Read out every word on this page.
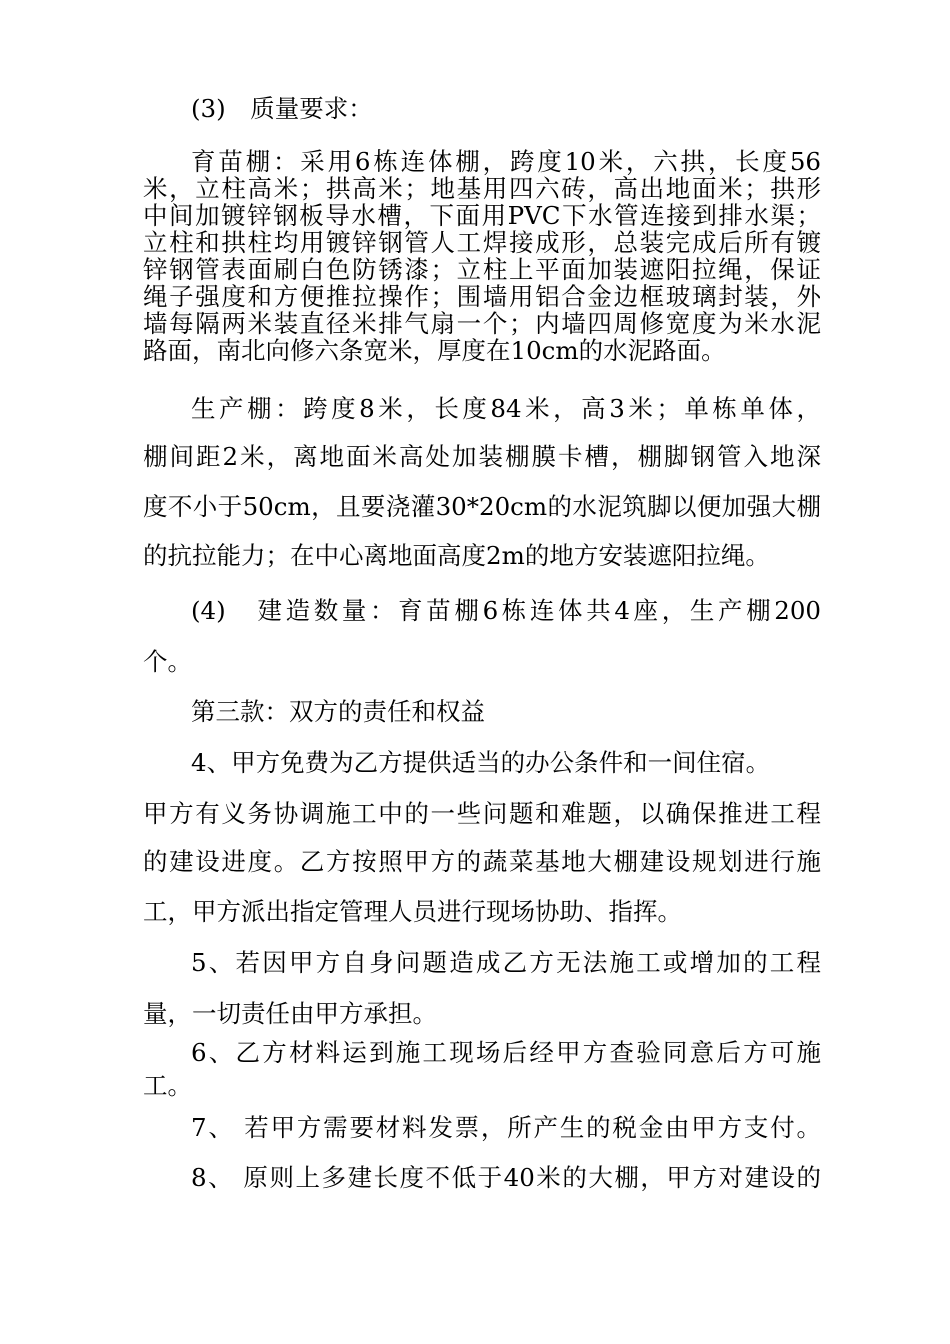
(3)　质量要求：

育苗棚：采用6栋连体棚，跨度10米，六拱，长度56

米，立柱高米；拱高米；地基用四六砖，高出地面米；拱形

中间加镀锌钢板导水槽，下面用PVC下水管连接到排水渠；

立柱和拱柱均用镀锌钢管人工焊接成形，总装完成后所有镀

锌钢管表面刷白色防锈漆；立柱上平面加装遮阳拉绳，保证

绳子强度和方便推拉操作；围墙用铝合金边框玻璃封装，外

墙每隔两米装直径米排气扇一个；内墙四周修宽度为米水泥

路面，南北向修六条宽米，厚度在10cm的水泥路面。

生产棚：跨度8米，长度84米，高3米；单栋单体，

棚间距2米，离地面米高处加装棚膜卡槽，棚脚钢管入地深

度不小于50cm，且要浇灌30*20cm的水泥筑脚以便加强大棚

的抗拉能力；在中心离地面高度2m的地方安装遮阳拉绳。

(4)　建造数量：育苗棚6栋连体共4座，生产棚200

个。

第三款：双方的责任和权益

4、甲方免费为乙方提供适当的办公条件和一间住宿。

甲方有义务协调施工中的一些问题和难题，以确保推进工程

的建设进度。乙方按照甲方的蔬菜基地大棚建设规划进行施

工，甲方派出指定管理人员进行现场协助、指挥。

5、若因甲方自身问题造成乙方无法施工或增加的工程

量，一切责任由甲方承担。

6、乙方材料运到施工现场后经甲方查验同意后方可施

工。

7、 若甲方需要材料发票，所产生的税金由甲方支付。

8、 原则上多建长度不低于40米的大棚，甲方对建设的
